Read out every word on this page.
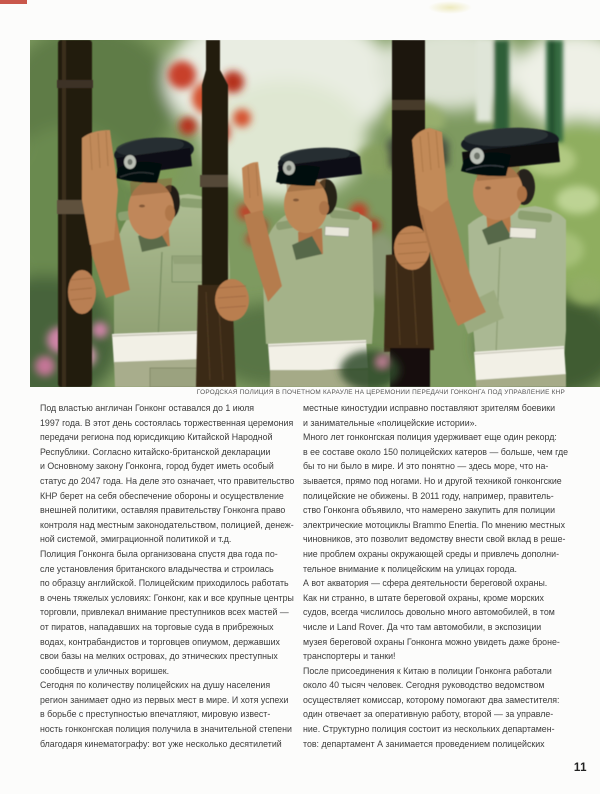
ГОРОДСКАЯ ПОЛИЦИЯ В ПОЧЕТНОМ КАРАУЛЕ НА ЦЕРЕМОНИИ ПЕРЕДАЧИ ГОНКОНГА ПОД УПРАВЛЕНИЕ КНР
Под властью англичан Гонконг оставался до 1 июля
1997 года. В этот день состоялась торжественная церемония
передачи региона под юрисдикцию Китайской Народной
Республики. Согласно китайско-британской декларации
и Основному закону Гонконга, город будет иметь особый
статус до 2047 года. На деле это означает, что правительство
КНР берет на себя обеспечение обороны и осуществление
внешней политики, оставляя правительству Гонконга право
контроля над местным законодательством, полицией, денеж-
ной системой, эмиграционной политикой и т.д.
Полиция Гонконга была организована спустя два года по-
сле установления британского владычества и строилась
по образцу английской. Полицейским приходилось работать
в очень тяжелых условиях: Гонконг, как и все крупные центры
торговли, привлекал внимание преступников всех мастей —
от пиратов, нападавших на торговые суда в прибрежных
водах, контрабандистов и торговцев опиумом, державших
свои базы на мелких островах, до этнических преступных
сообществ и уличных воришек.
Сегодня по количеству полицейских на душу населения
регион занимает одно из первых мест в мире. И хотя успехи
в борьбе с преступностью впечатляют, мировую извест-
ность гонконгская полиция получила в значительной степени
благодаря кинематографу: вот уже несколько десятилетий
местные киностудии исправно поставляют зрителям боевики
и занимательные «полицейские истории».
Много лет гонконгская полиция удерживает еще один рекорд:
в ее составе около 150 полицейских катеров — больше, чем где
бы то ни было в мире. И это понятно — здесь море, что на-
зывается, прямо под ногами. Но и другой техникой гонконгские
полицейские не обижены. В 2011 году, например, правитель-
ство Гонконга объявило, что намерено закупить для полиции
электрические мотоциклы Brammo Enertia. По мнению местных
чиновников, это позволит ведомству внести свой вклад в реше-
ние проблем охраны окружающей среды и привлечь дополни-
тельное внимание к полицейским на улицах города.
А вот акватория — сфера деятельности береговой охраны.
Как ни странно, в штате береговой охраны, кроме морских
судов, всегда числилось довольно много автомобилей, в том
числе и Land Rover. Да что там автомобили, в экспозиции
музея береговой охраны Гонконга можно увидеть даже броне-
транспортеры и танки!
После присоединения к Китаю в полиции Гонконга работали
около 40 тысяч человек. Сегодня руководство ведомством
осуществляет комиссар, которому помогают два заместителя:
один отвечает за оперативную работу, второй — за управле-
ние. Структурно полиция состоит из нескольких департамен-
тов: департамент А занимается проведением полицейских
11
